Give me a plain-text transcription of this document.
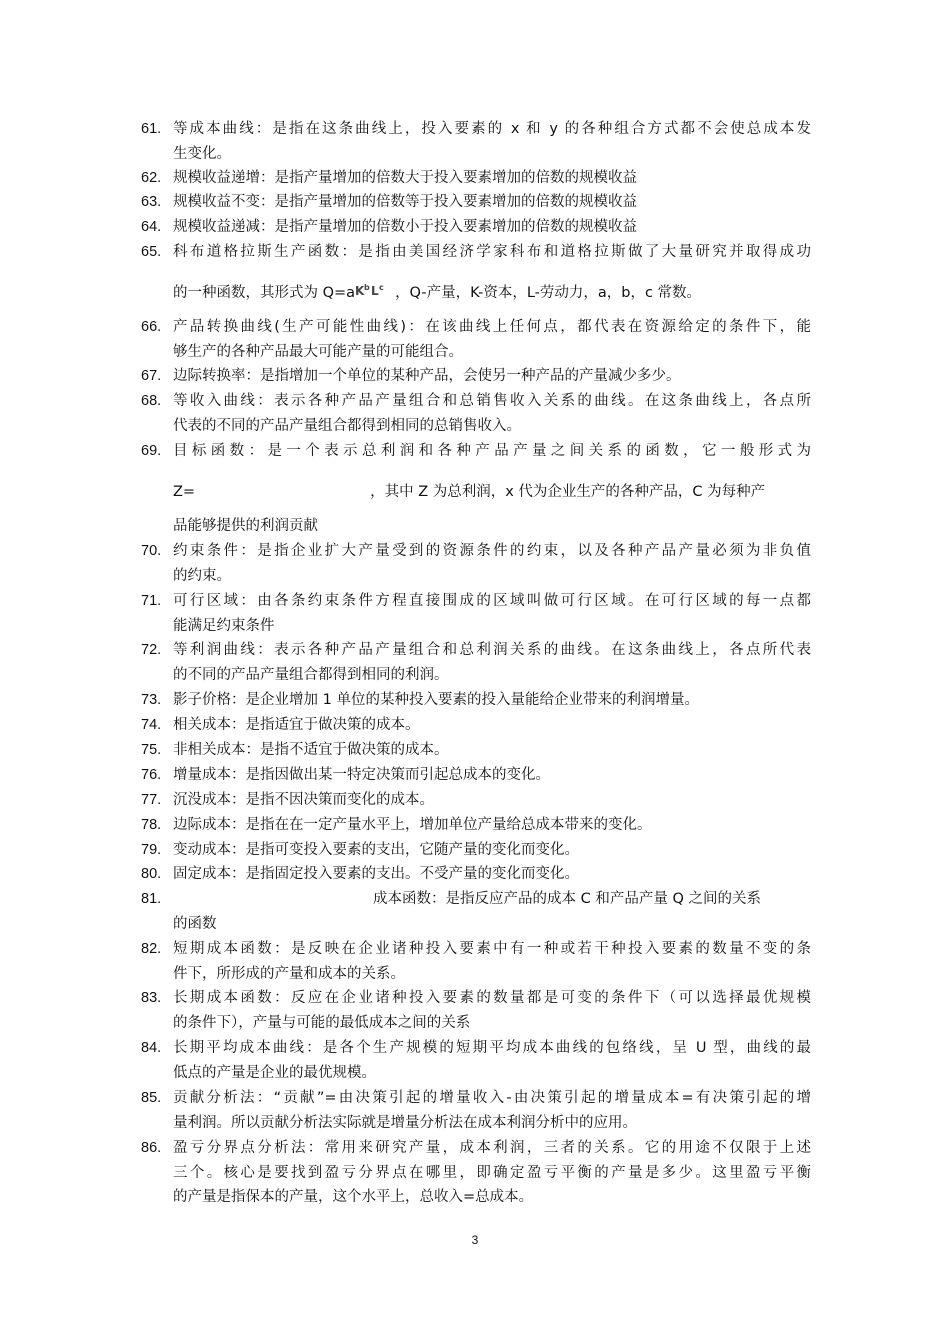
61. 等成本曲线：是指在这条曲线上，投入要素的 x 和 y 的各种组合方式都不会使总成本发
生变化。
62. 规模收益递增：是指产量增加的倍数大于投入要素增加的倍数的规模收益
63. 规模收益不变：是指产量增加的倍数等于投入要素增加的倍数的规模收益
64. 规模收益递减：是指产量增加的倍数小于投入要素增加的倍数的规模收益
65. 科布道格拉斯生产函数：是指由美国经济学家科布和道格拉斯做了大量研究并取得成功
的一种函数，其形式为 Q=a K b L c ，Q-产量，K-资本，L-劳动力，a，b，c 常数。
66. 产品转换曲线(生产可能性曲线)：在该曲线上任何点，都代表在资源给定的条件下，能
够生产的各种产品最大可能产量的可能组合。
67. 边际转换率：是指增加一个单位的某种产品，会使另一种产品的产量减少多少。
68. 等收入曲线：表示各种产品产量组合和总销售收入关系的曲线。在这条曲线上，各点所
代表的不同的产品产量组合都得到相同的总销售收入。
69. 目标函数：是一个表示总利润和各种产品产量之间关系的函数，它一般形式为
Z=	，其中 Z 为总利润，x 代为企业生产的各种产品，C 为每种产
品能够提供的利润贡献
70. 约束条件：是指企业扩大产量受到的资源条件的约束，以及各种产品产量必须为非负值
的约束。
71. 可行区域：由各条约束条件方程直接围成的区域叫做可行区域。在可行区域的每一点都
能满足约束条件
72. 等利润曲线：表示各种产品产量组合和总利润关系的曲线。在这条曲线上，各点所代表
的不同的产品产量组合都得到相同的利润。
73. 影子价格：是企业增加 1 单位的某种投入要素的投入量能给企业带来的利润增量。
74. 相关成本：是指适宜于做决策的成本。
75. 非相关成本：是指不适宜于做决策的成本。
76. 增量成本：是指因做出某一特定决策而引起总成本的变化。
77. 沉没成本：是指不因决策而变化的成本。
78. 边际成本：是指在在一定产量水平上，增加单位产量给总成本带来的变化。
79. 变动成本：是指可变投入要素的支出，它随产量的变化而变化。
80. 固定成本：是指固定投入要素的支出。不受产量的变化而变化。
81.	成本函数：是指反应产品的成本 C 和产品产量 Q 之间的关系
的函数
82. 短期成本函数：是反映在企业诸种投入要素中有一种或若干种投入要素的数量不变的条
件下，所形成的产量和成本的关系。
83. 长期成本函数：反应在企业诸种投入要素的数量都是可变的条件下（可以选择最优规模
的条件下），产量与可能的最低成本之间的关系
84. 长期平均成本曲线：是各个生产规模的短期平均成本曲线的包络线，呈 U 型，曲线的最
低点的产量是企业的最优规模。
85. 贡献分析法：“贡献”=由决策引起的增量收入-由决策引起的增量成本=有决策引起的增
量利润。所以贡献分析法实际就是增量分析法在成本利润分析中的应用。
86. 盈亏分界点分析法：常用来研究产量，成本利润，三者的关系。它的用途不仅限于上述
三个。核心是要找到盈亏分界点在哪里，即确定盈亏平衡的产量是多少。这里盈亏平衡
的产量是指保本的产量，这个水平上，总收入=总成本。
3
